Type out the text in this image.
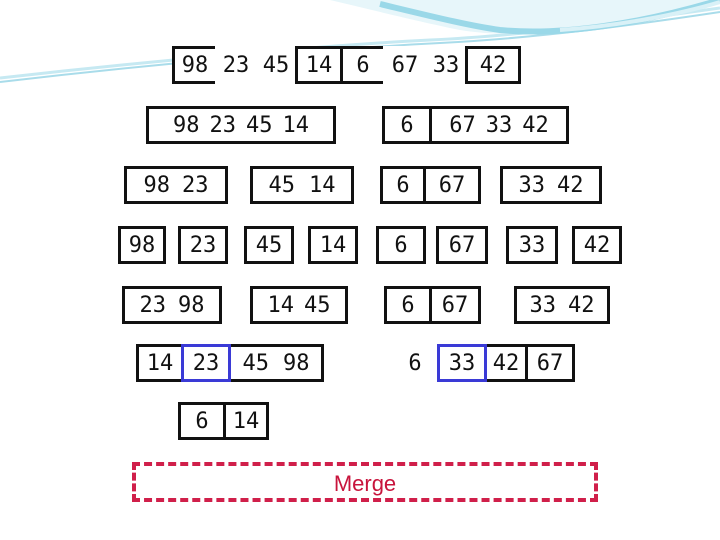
98 23 45 14	6	67 33 42
98 23 45 14	6	67 33 42
98 23	45 14	6	67	33 42
98	23	45	14	6	67	33	42
23 98	14 45	6	67	33 42
14 23	45 98	6	33 42 67
6	14
Merge
